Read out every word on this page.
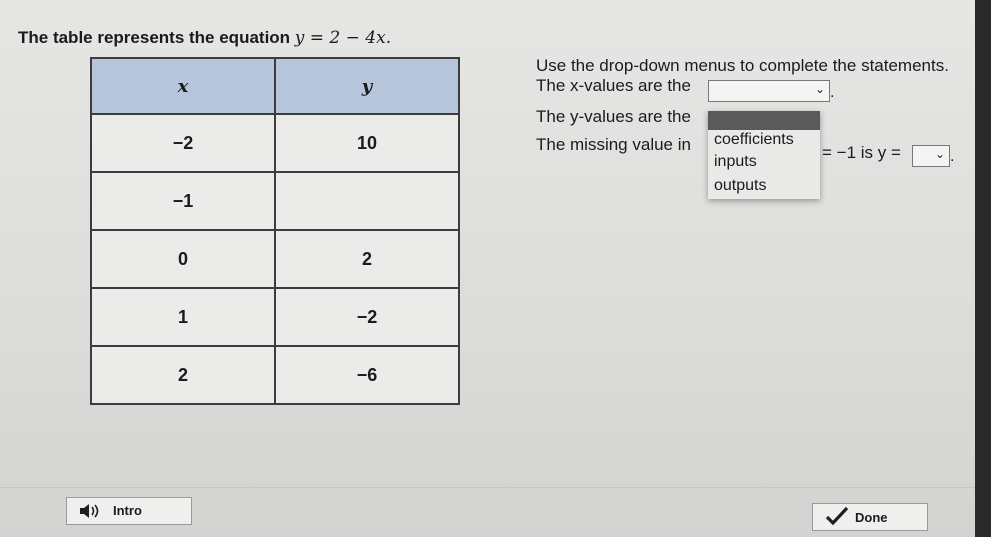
The table represents the equation y = 2 − 4x.
x	y
−2	10
−1	
0	2
1	−2
2	−6
Use the drop-down menus to complete the statements.
The x-values are the	⌄ .
The y-values are the
The missing value in coefficients
inputs
outputs
= −1 is y =	⌄ .
Intro	Done
